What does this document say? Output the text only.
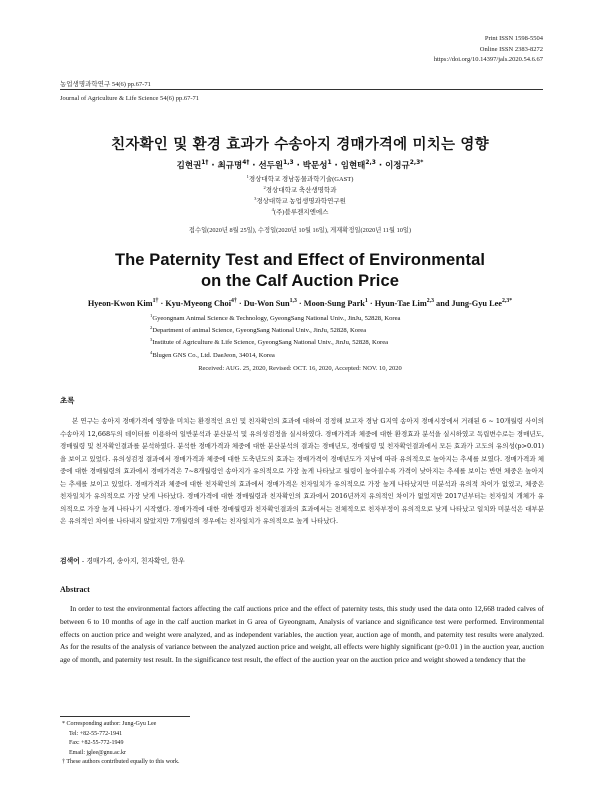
Print ISSN 1598-5504
Online ISSN 2383-8272
https://doi.org/10.14397/jals.2020.54.6.67
농업생명과학연구 54(6) pp.67-71
Journal of Agriculture & Life Science 54(6) pp.67-71
친자확인 및 환경 효과가 수송아지 경매가격에 미치는 영향
김현권$^{1\dagger}$ · 최규명$^{4\dagger}$ · 선두원$^{1,3}$ · 박문성$^1$ · 임현태$^{2,3}$ · 이정규$^{2,3*}$
$^1$경상대학교 경남동물과학기술(GAST)
$^2$경상대학교 축산생명학과
$^3$경상대학교 농업생명과학연구원
$^4$(주)블루젠지엔에스
접수일(2020년 8월 25일), 수정일(2020년 10월 16일), 게재확정일(2020년 11월 10일)
The Paternity Test and Effect of Environmental
on the Calf Auction Price
Hyeon-Kwon Kim$^{1\dagger}$ · Kyu-Myeong Choi$^{4\dagger}$ · Du-Won Sun$^{1,3}$ · Moon-Sung Park$^1$ · Hyun-Tae Lim$^{2,3}$ and Jung-Gyu Lee$^{2,3*}$
$^1$Gyeongnam Animal Science & Technology, GyeongSang National Univ., JinJu, 52828, Korea
$^2$Department of animal Science, GyeongSang National Univ., JinJu, 52828, Korea
$^3$Institute of Agriculture & Life Science, GyeongSang National Univ., JinJu, 52828, Korea
$^4$Blugen GNS Co., Ltd. DaeJeon, 34014, Korea
Received: AUG. 25, 2020, Revised: OCT. 16, 2020, Accepted: NOV. 10, 2020
초록
본 연구는 송아지 경매가격에 영향을 미치는 환경적인 요인 및 친자확인의 효과에 대하여 검정해 보고자 경남 G지역 송아지 경매시장에서 거래된 6 ~ 10개월령 사이의 수송아지 12,668두의 데이터를 이용하여 일반분석과 분산분석 및 유의성검정을 실시하였다. 경매가격과 체중에 대한 환경효과 분석을 실시하였고 독립변수로는 경매년도, 경매월령 및 친자확인결과를 분석하였다. 분석한 경매가격과 체중에 대한 분산분석의 결과는 경매년도, 경매월령 및 친자확인결과에서 모든 효과가 고도의 유의성(p>0.01)을 보이고 있었다. 유의성검정 결과에서 경매가격과 체중에 대한 도축년도의 효과는 경매가격이 경매년도가 지남에 따라 유의적으로 높아지는 추세를 보였다. 경매가격과 체중에 대한 경매월령의 효과에서 경매가격은 7~8개월령인 송아지가 유의적으로 가장 높게 나타났고 월령이 높아질수록 가격이 낮아지는 추세를 보이는 반면 체중은 높아지는 추세를 보이고 있었다. 경매가격과 체중에 대한 친자확인의 효과에서 경매가격은 친자일치가 유의적으로 가장 높게 나타났지만 미분석과 유의적 차이가 없었고, 체중은 친자일치가 유의적으로 가장 낮게 나타났다. 경매가격에 대한 경매월령과 친자확인의 효과에서 2016년까지 유의적인 차이가 없었지만 2017년부터는 친자일치 개체가 유의적으로 가장 높게 나타나기 시작했다. 경매가격에 대한 경매월령과 친자확인결과의 효과에서는 전체적으로 친자부정이 유의적으로 낮게 나타났고 일치와 미분석은 대부분은 유의적인 차이를 나타내지 않았지만 7개월령의 경우에는 친자일치가 유의적으로 높게 나타났다.
검색어 - 경매가격, 송아지, 친자확인, 한우
Abstract
In order to test the environmental factors affecting the calf auctions price and the effect of paternity tests, this study used the data onto 12,668 traded calves of between 6 to 10 months of age in the calf auction market in G area of Gyeongnam, Analysis of variance and significance test were performed. Environmental effects on auction price and weight were analyzed, and as independent variables, the auction year, auction age of month, and paternity test results were analyzed. As for the results of the analysis of variance between the analyzed auction price and weight, all effects were highly significant (p>0.01 ) in the auction year, auction age of month, and paternity test result. In the significance test result, the effect of the auction year on the auction price and weight showed a tendency that the
* Corresponding author: Jung-Gyu Lee
Tel: +82-55-772-1941
Fax: +82-55-772-1949
Email: jglee@gnu.ac.kr
† These authors contributed equally to this work.
